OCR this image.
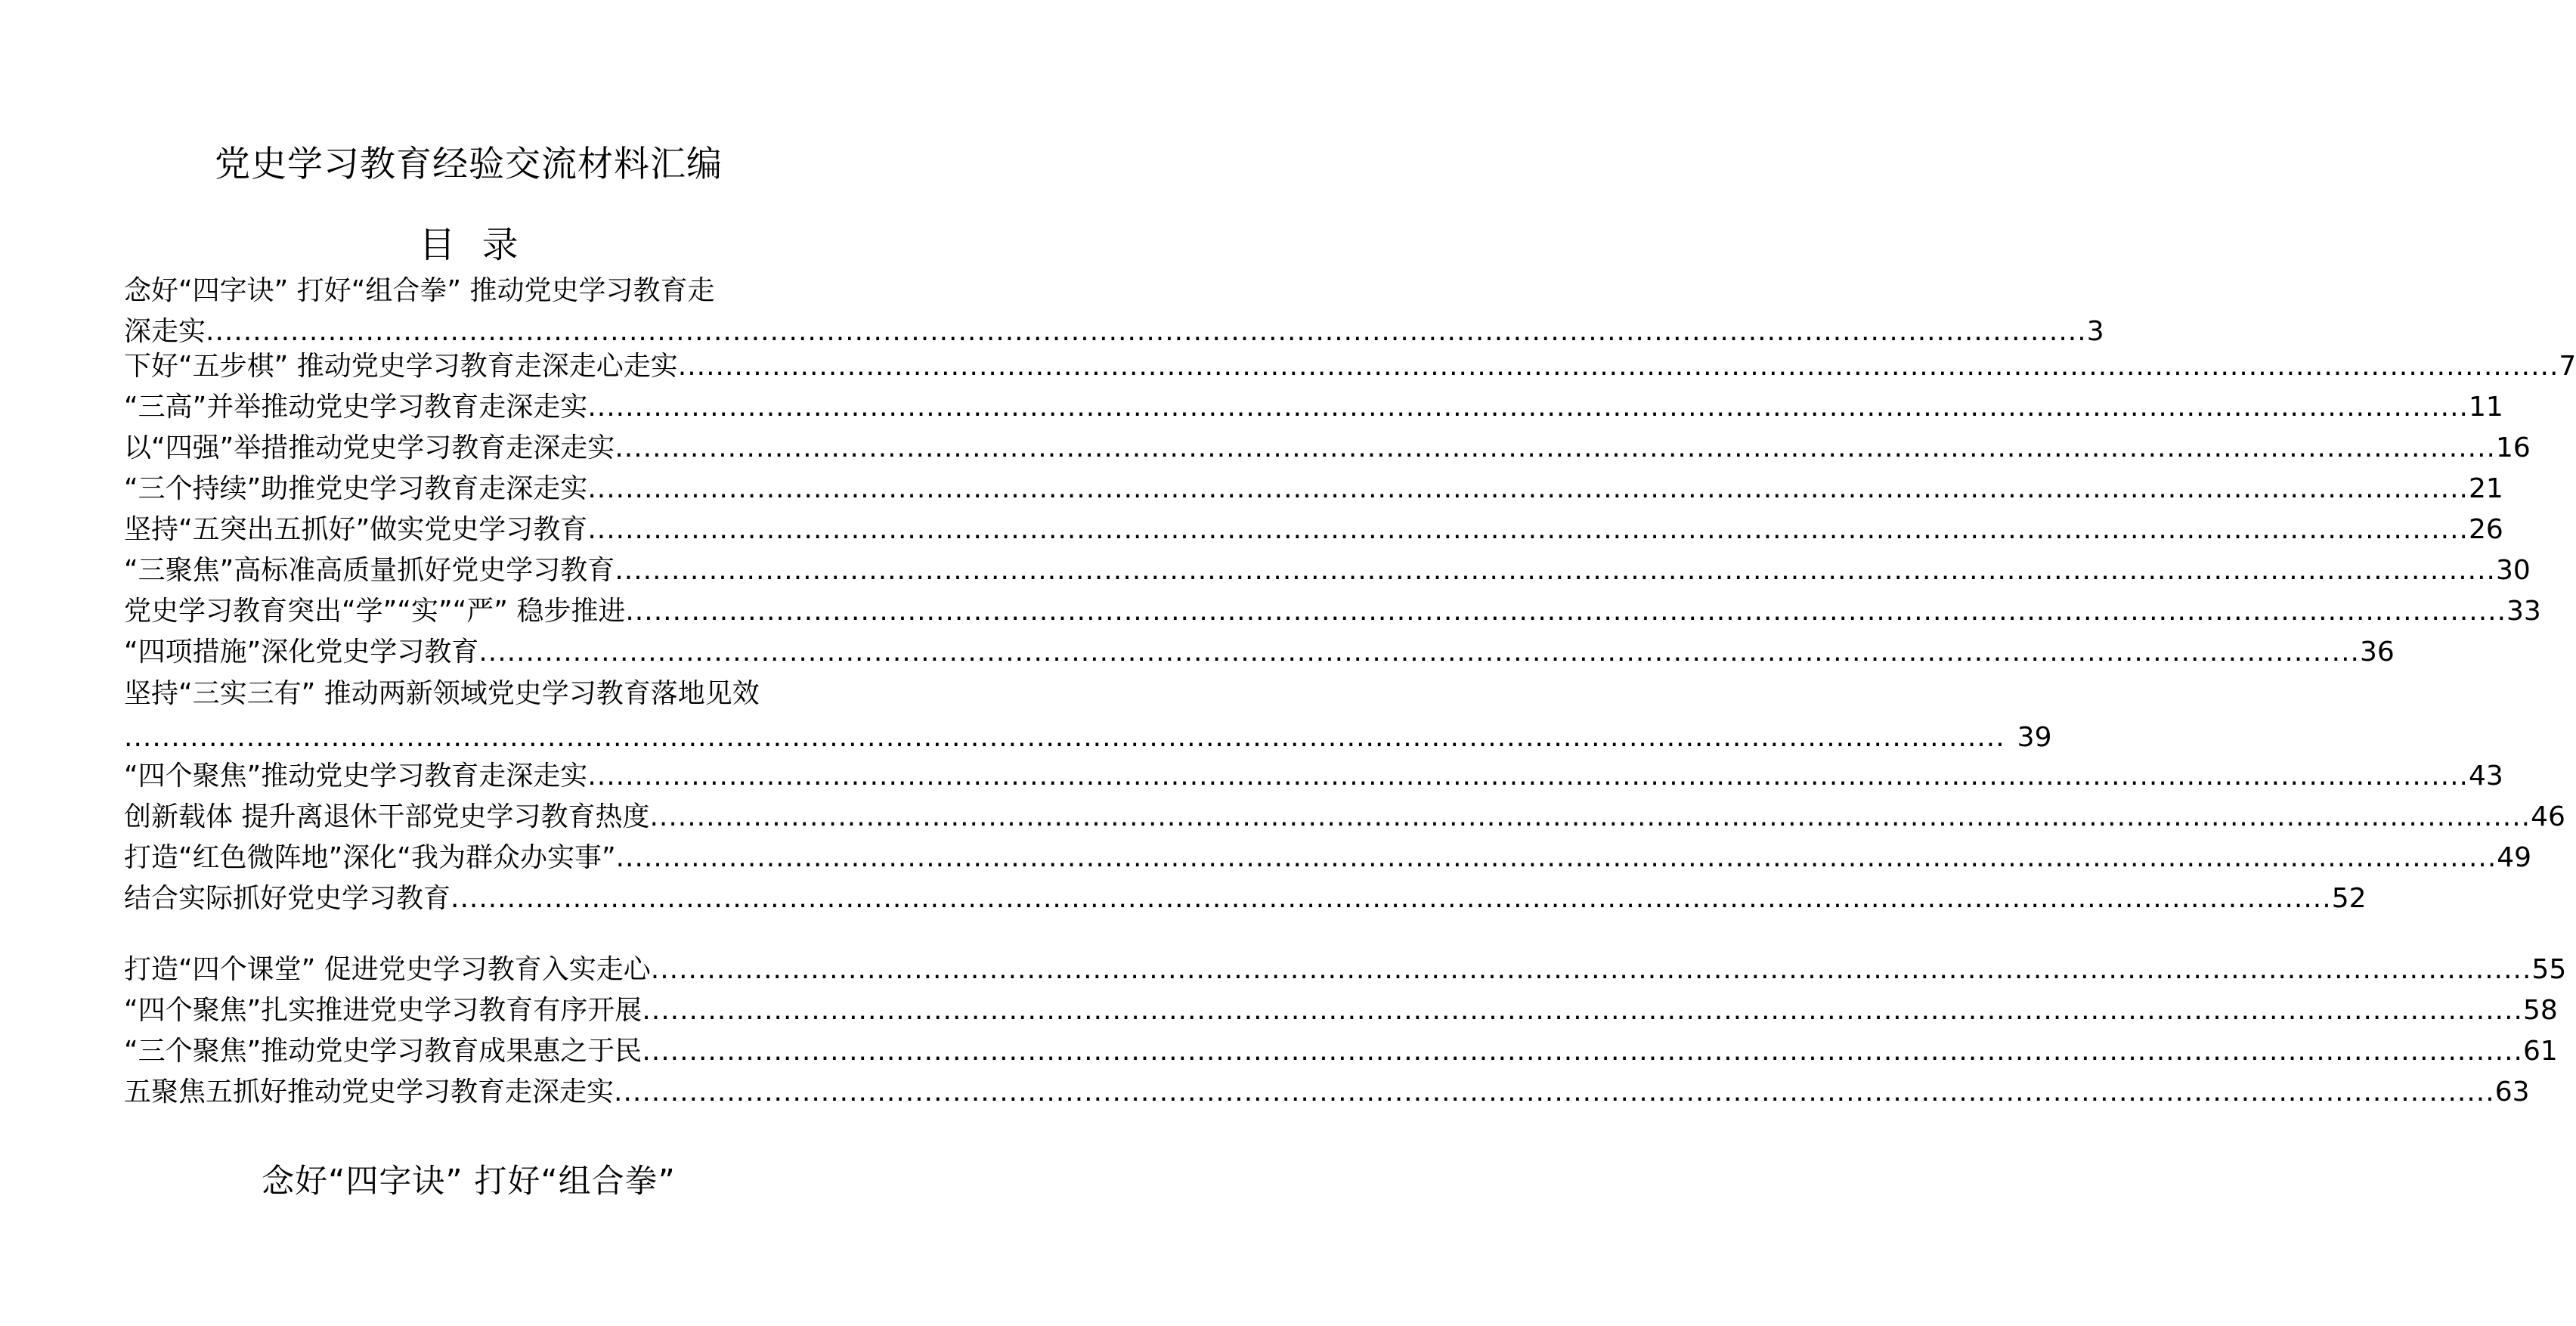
党史学习教育经验交流材料汇编
目 录
念好“四字诀” 打好“组合拳” 推动党史学习教育走
深走实 ........................................................................................................................................................................................................ 3
下好“五步棋” 推动党史学习教育走深走心走实 ........................................................................................................................................................................................................ 7
“三高”并举推动党史学习教育走深走实 ........................................................................................................................................................................................................ 11
以“四强”举措推动党史学习教育走深走实 ........................................................................................................................................................................................................ 16
“三个持续”助推党史学习教育走深走实 ........................................................................................................................................................................................................ 21
坚持“五突出五抓好”做实党史学习教育 ........................................................................................................................................................................................................ 26
“三聚焦”高标准高质量抓好党史学习教育 ........................................................................................................................................................................................................ 30
党史学习教育突出“学”“实”“严” 稳步推进 ........................................................................................................................................................................................................ 33
“四项措施”深化党史学习教育 ........................................................................................................................................................................................................ 36
坚持“三实三有” 推动两新领域党史学习教育落地见效
........................................................................................................................................................................................................ 39
“四个聚焦”推动党史学习教育走深走实 ........................................................................................................................................................................................................ 43
创新载体 提升离退休干部党史学习教育热度 ........................................................................................................................................................................................................ 46
打造“红色微阵地”深化“我为群众办实事” ........................................................................................................................................................................................................ 49
结合实际抓好党史学习教育 ........................................................................................................................................................................................................ 52
打造“四个课堂” 促进党史学习教育入实走心 ........................................................................................................................................................................................................ 55
“四个聚焦”扎实推进党史学习教育有序开展 ........................................................................................................................................................................................................ 58
“三个聚焦”推动党史学习教育成果惠之于民 ........................................................................................................................................................................................................ 61
五聚焦五抓好推动党史学习教育走深走实 ........................................................................................................................................................................................................ 63
念好“四字诀” 打好“组合拳”
